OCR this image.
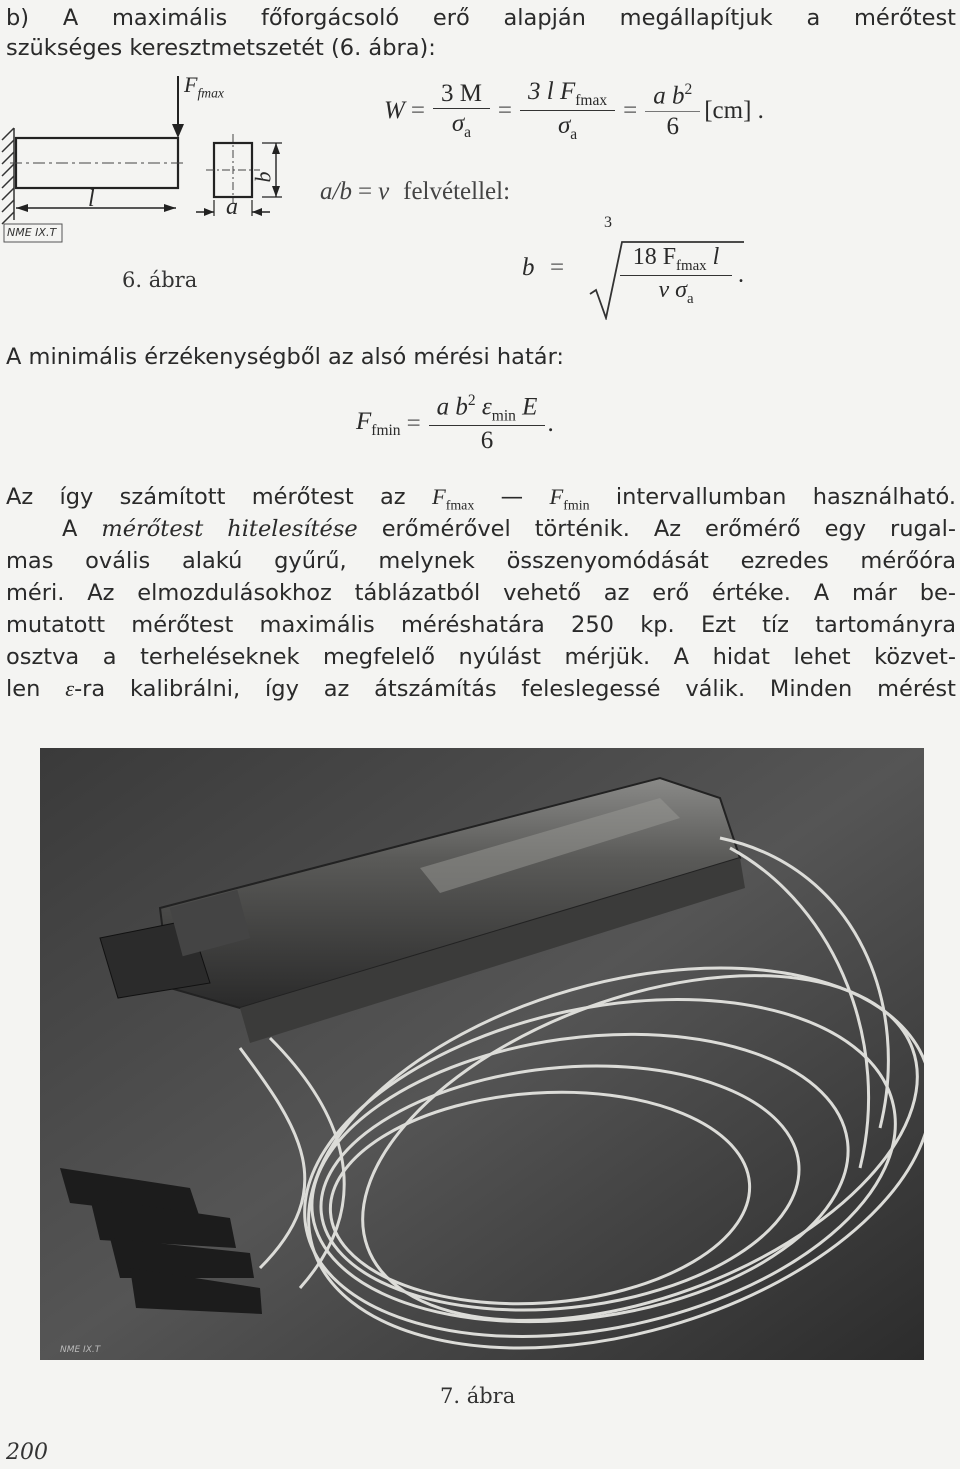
b) A maximális főforgácsoló erő alapján megállapítjuk a mérőtest
szükséges keresztmetszetét (6. ábra):
$F_{fmax}$
l	a
b
NME IX.T
6. ábra
$W = \frac{3 M}{\sigma_a} = \frac{3 l F_{fmax}}{\sigma_a} = \frac{a b^2}{6} [cm]$ .
a/b = v felvétellel:
b =
3
18 $F_{fmax}$ l
v $\sigma_a$
.
A minimális érzékenységből az alsó mérési határ:
$F_{fmin} = \frac{a b^2 \varepsilon_{min} E}{6}$ .
Az így számított mérőtest az $F_{fmax}$ — $F_{fmin}$ intervallumban használható.
A mérőtest hitelesítése erőmérővel történik. Az erőmérő egy rugal-
mas ovális alakú gyűrű, melynek összenyomódását ezredes mérőóra
méri. Az elmozdulásokhoz táblázatból vehető az erő értéke. A már be-
mutatott mérőtest maximális méréshatára 250 kp. Ezt tíz tartományra
osztva a terheléseknek megfelelő nyúlást mérjük. A hidat lehet közvet-
len ε-ra kalibrálni, így az átszámítás feleslegessé válik. Minden mérést
NME IX.T
7. ábra
200
